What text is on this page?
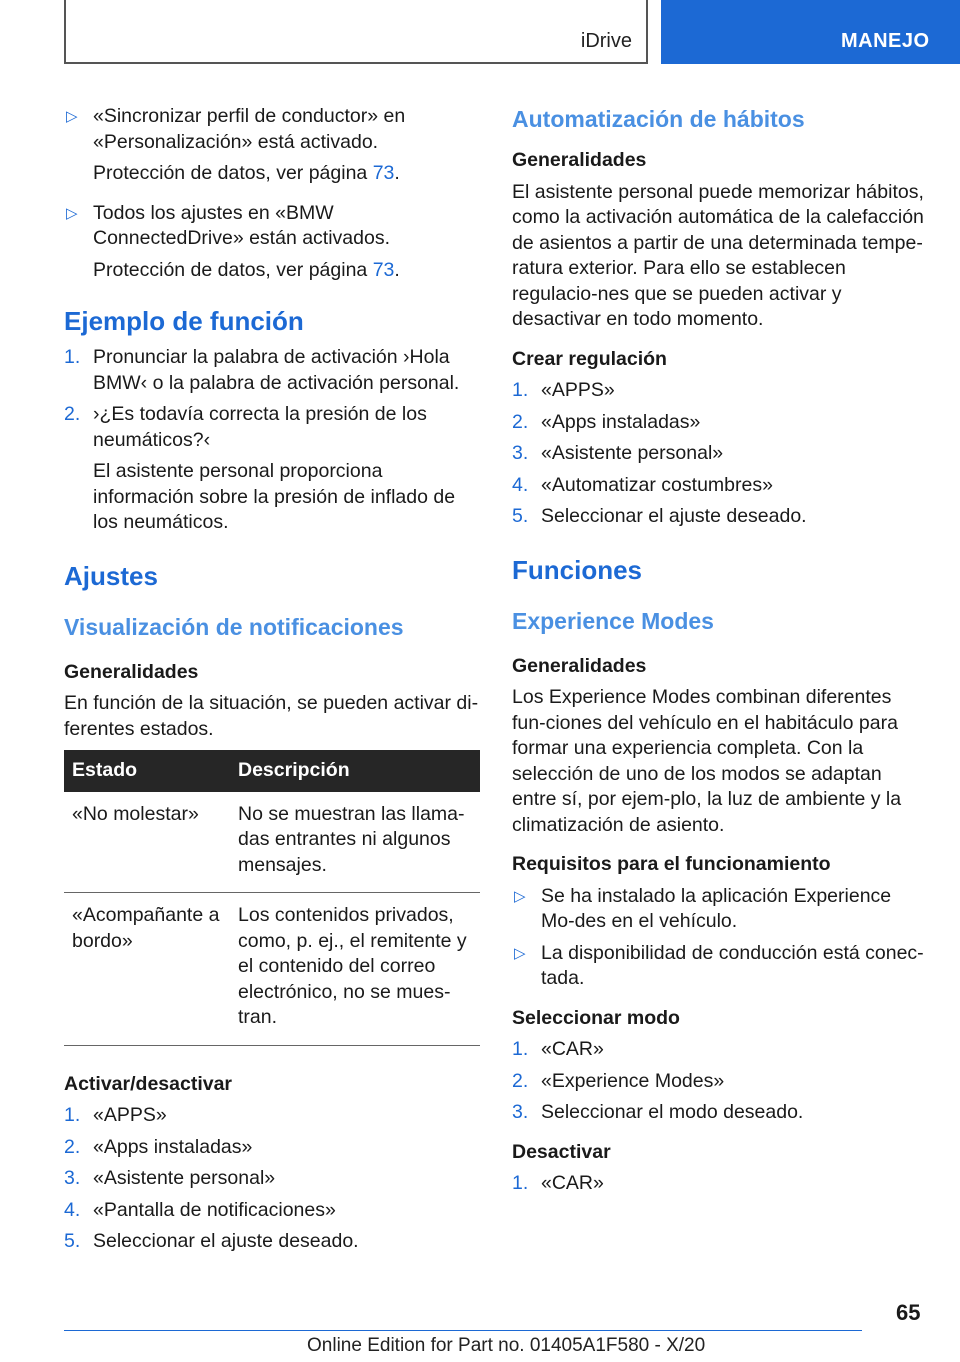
iDrive	MANEJO

▷ «Sincronizar perfil de conductor» en «Personalización» está activado.

Protección de datos, ver página 73.

▷ Todos los ajustes en «BMW ConnectedDrive» están activados.

Protección de datos, ver página 73.

Ejemplo de función

1. Pronunciar la palabra de activación ›Hola BMW‹ o la palabra de activación personal.

2. ›¿Es todavía correcta la presión de los neumáticos?‹

El asistente personal proporciona información sobre la presión de inflado de los neumáticos.

Ajustes
Visualización de notificaciones
Generalidades

En función de la situación, se pueden activar di-ferentes estados.

Estado	Descripción
«No molestar»	No se muestran las llama-das entrantes ni algunos mensajes.
«Acompañante a bordo»	Los contenidos privados, como, p. ej., el remitente y el contenido del correo electrónico, no se mues-tran.
Activar/desactivar

1. «APPS»

2. «Apps instaladas»

3. «Asistente personal»

4. «Pantalla de notificaciones»

5. Seleccionar el ajuste deseado.

Automatización de hábitos
Generalidades

El asistente personal puede memorizar hábitos, como la activación automática de la calefacción de asientos a partir de una determinada tempe-ratura exterior. Para ello se establecen regulacio-nes que se pueden activar y desactivar en todo momento.

Crear regulación

1. «APPS»

2. «Apps instaladas»

3. «Asistente personal»

4. «Automatizar costumbres»

5. Seleccionar el ajuste deseado.

Funciones
Experience Modes
Generalidades

Los Experience Modes combinan diferentes fun-ciones del vehículo en el habitáculo para formar una experiencia completa. Con la selección de uno de los modos se adaptan entre sí, por ejem-plo, la luz de ambiente y la climatización de asiento.

Requisitos para el funcionamiento

▷ Se ha instalado la aplicación Experience Mo-des en el vehículo.

▷ La disponibilidad de conducción está conec-tada.

Seleccionar modo

1. «CAR»

2. «Experience Modes»

3. Seleccionar el modo deseado.

Desactivar

1. «CAR»

65
Online Edition for Part no. 01405A1F580 - X/20
